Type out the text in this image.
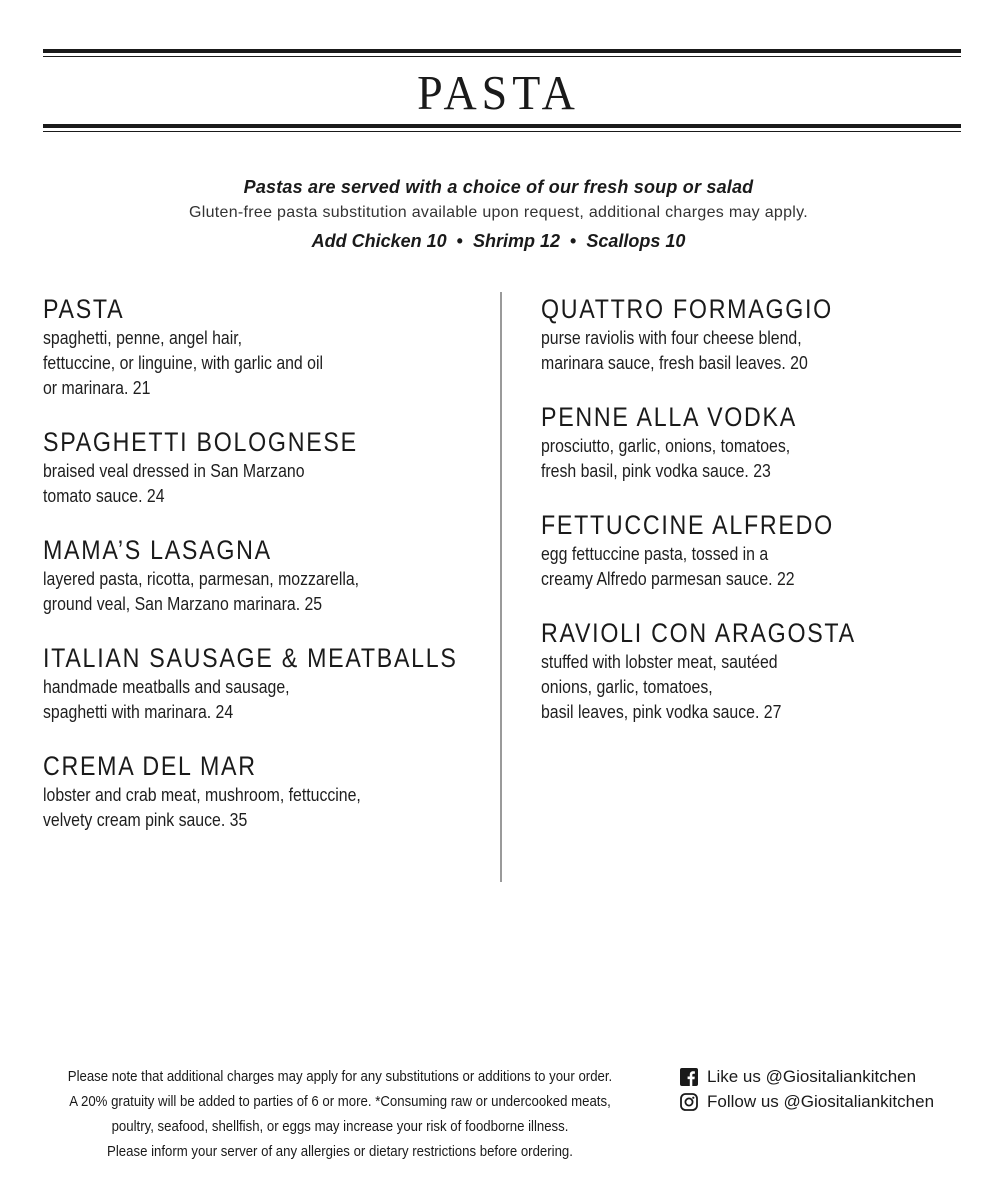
PASTA
Pastas are served with a choice of our fresh soup or salad
Gluten-free pasta substitution available upon request, additional charges may apply.
Add Chicken 10 • Shrimp 12 • Scallops 10
PASTA
spaghetti, penne, angel hair,
fettuccine, or linguine, with garlic and oil
or marinara. 21
SPAGHETTI BOLOGNESE
braised veal dressed in San Marzano
tomato sauce. 24
MAMA’S LASAGNA
layered pasta, ricotta, parmesan, mozzarella,
ground veal, San Marzano marinara. 25
ITALIAN SAUSAGE & MEATBALLS
handmade meatballs and sausage,
spaghetti with marinara. 24
CREMA DEL MAR
lobster and crab meat, mushroom, fettuccine,
velvety cream pink sauce. 35
QUATTRO FORMAGGIO
purse raviolis with four cheese blend,
marinara sauce, fresh basil leaves. 20
PENNE ALLA VODKA
prosciutto, garlic, onions, tomatoes,
fresh basil, pink vodka sauce. 23
FETTUCCINE ALFREDO
egg fettuccine pasta, tossed in a
creamy Alfredo parmesan sauce. 22
RAVIOLI CON ARAGOSTA
stuffed with lobster meat, sautéed
onions, garlic, tomatoes,
basil leaves, pink vodka sauce. 27
Please note that additional charges may apply for any substitutions or additions to your order.
A 20% gratuity will be added to parties of 6 or more. *Consuming raw or undercooked meats,
poultry, seafood, shellfish, or eggs may increase your risk of foodborne illness.
Please inform your server of any allergies or dietary restrictions before ordering.
Like us @Giositaliankitchen
Follow us @Giositaliankitchen
